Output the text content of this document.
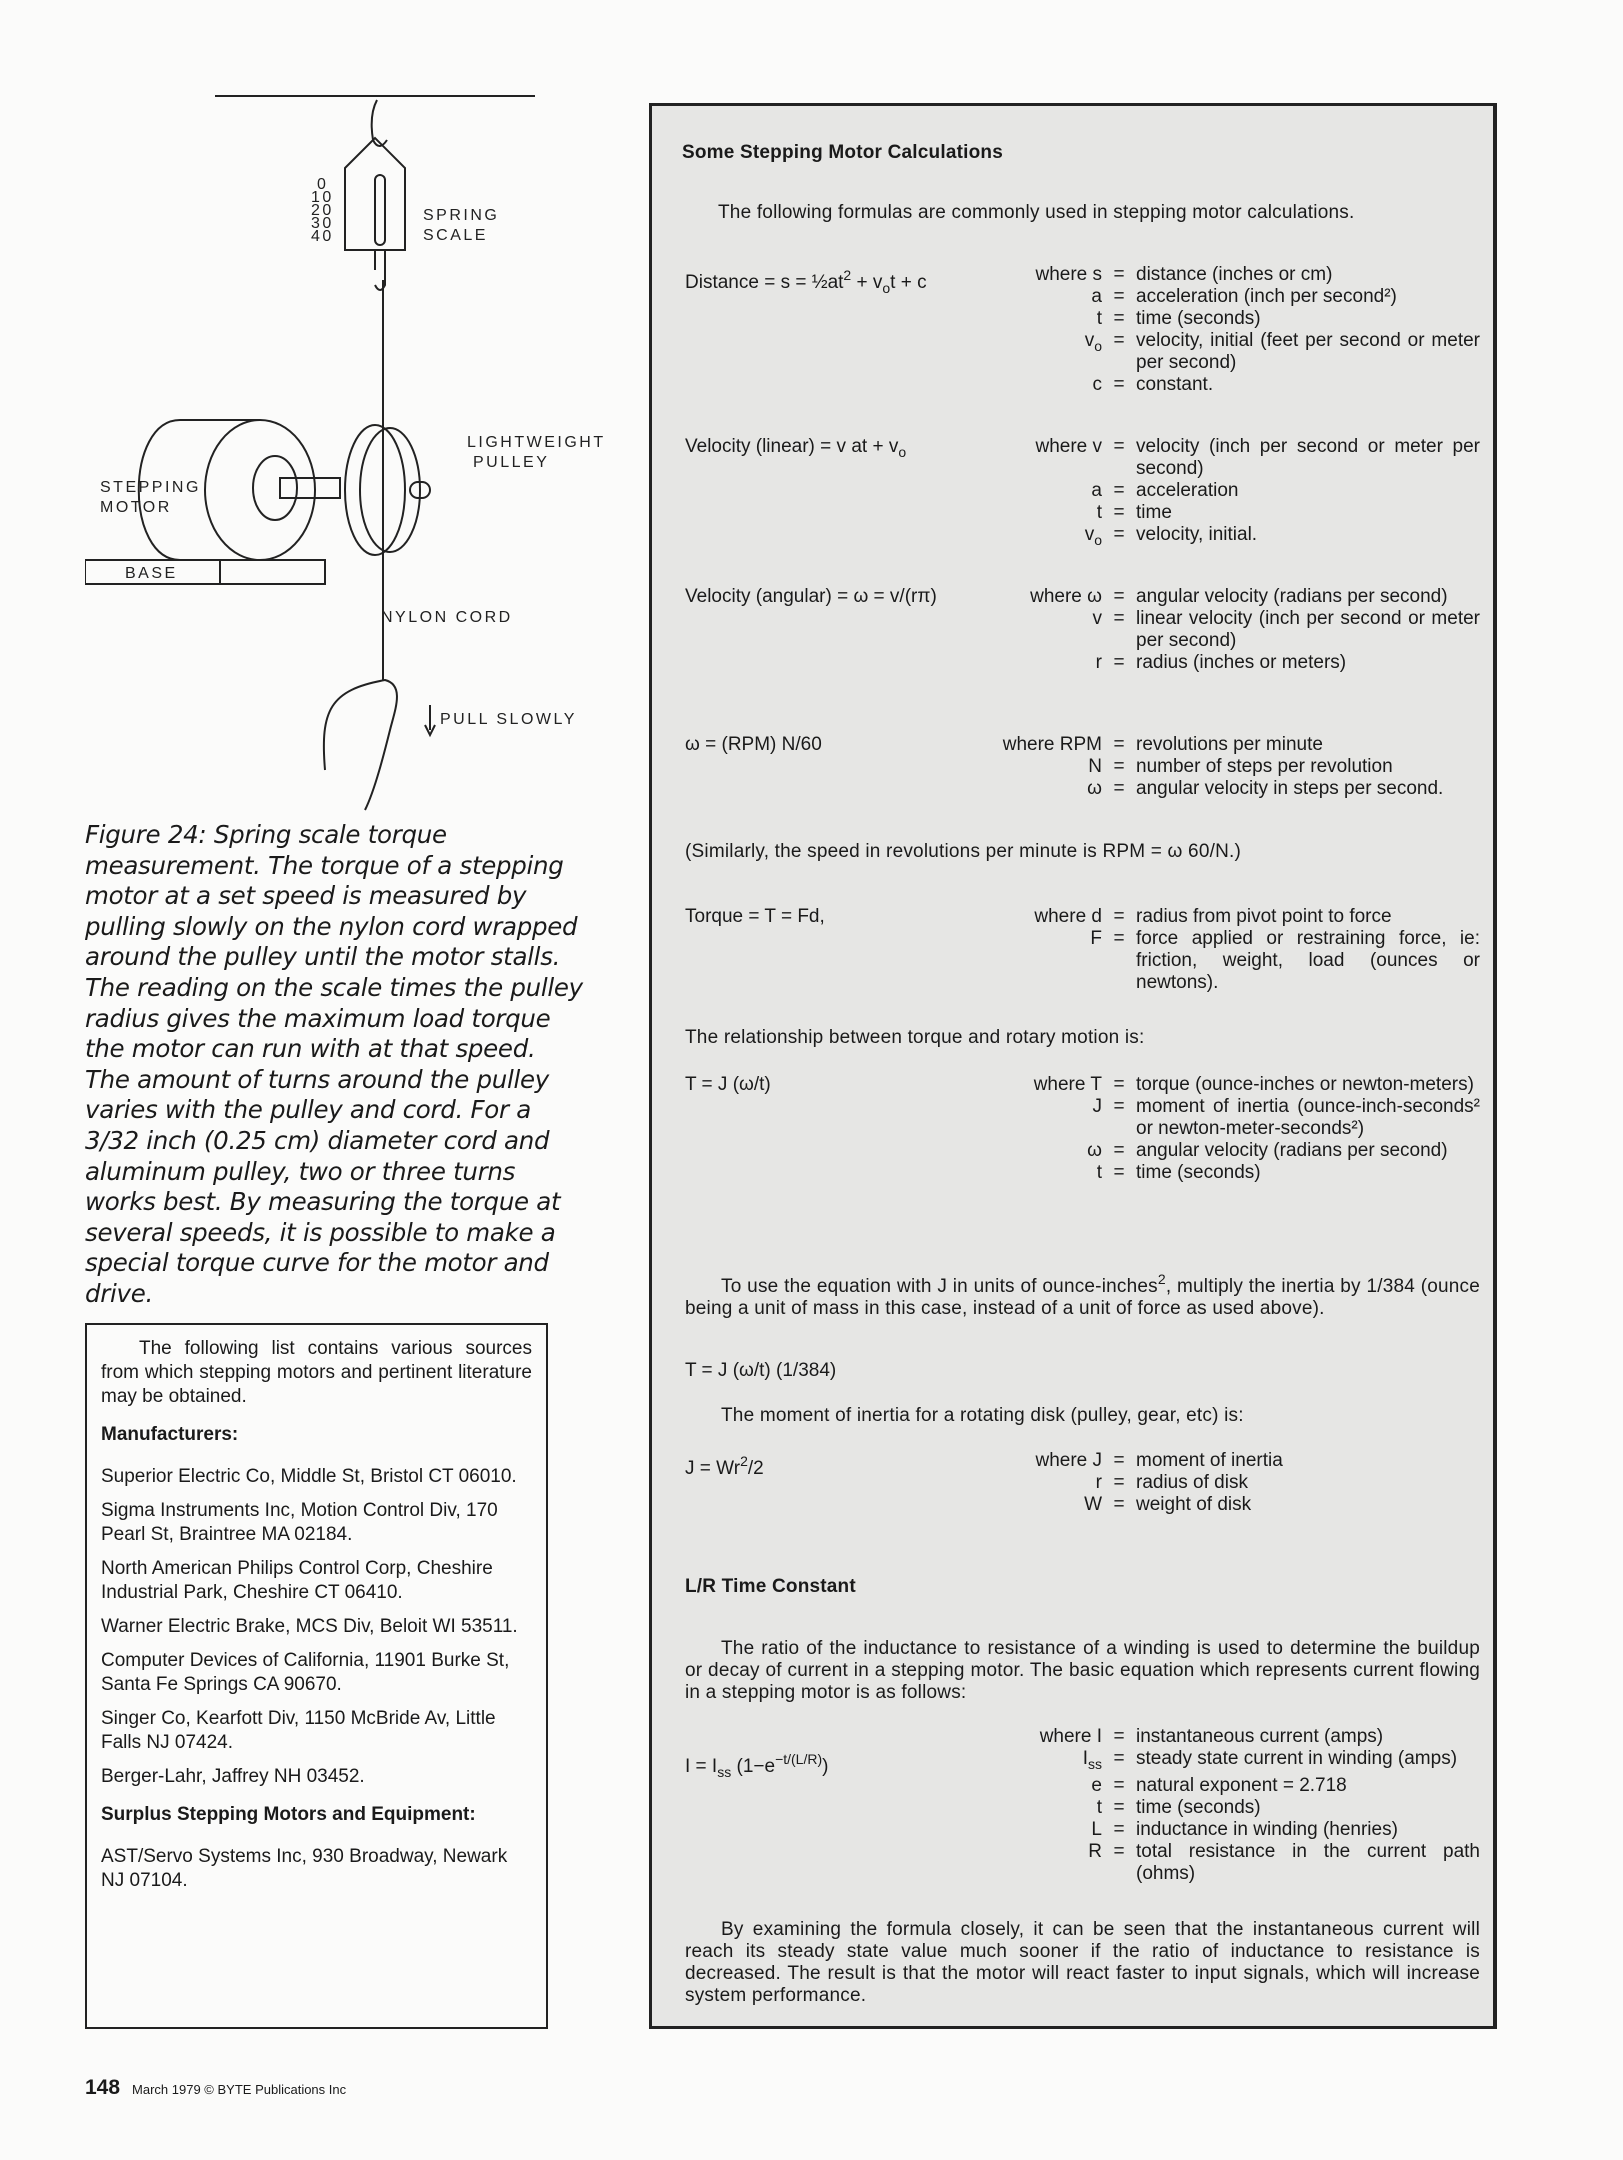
0
10
20
30
40
SPRING
SCALE
LIGHTWEIGHT
PULLEY
STEPPING
MOTOR
BASE
NYLON CORD
PULL SLOWLY
Figure 24: Spring scale torque measurement. The torque of a stepping motor at a set speed is measured by pulling slowly on the nylon cord wrapped around the pulley until the motor stalls. The reading on the scale times the pulley radius gives the maximum load torque the motor can run with at that speed. The amount of turns around the pulley varies with the pulley and cord. For a 3/32 inch (0.25 cm) diameter cord and aluminum pulley, two or three turns works best. By measuring the torque at several speeds, it is possible to make a special torque curve for the motor and drive.
The following list contains various sources from which stepping motors and pertinent literature may be obtained.
Manufacturers:
Superior Electric Co, Middle St, Bristol CT 06010.
Sigma Instruments Inc, Motion Control Div, 170 Pearl St, Braintree MA 02184.
North American Philips Control Corp, Cheshire Industrial Park, Cheshire CT 06410.
Warner Electric Brake, MCS Div, Beloit WI 53511.
Computer Devices of California, 11901 Burke St, Santa Fe Springs CA 90670.
Singer Co, Kearfott Div, 1150 McBride Av, Little Falls NJ 07424.
Berger-Lahr, Jaffrey NH 03452.
Surplus Stepping Motors and Equipment:
AST/Servo Systems Inc, 930 Broadway, Newark NJ 07104.
Some Stepping Motor Calculations
The following formulas are commonly used in stepping motor calculations.
(Similarly, the speed in revolutions per minute is RPM = ω 60/N.)
The relationship between torque and rotary motion is:
To use the equation with J in units of ounce-inches$^2$, multiply the inertia by 1/384 (ounce being a unit of mass in this case, instead of a unit of force as used above).
The moment of inertia for a rotating disk (pulley, gear, etc) is:
L/R Time Constant
The ratio of the inductance to resistance of a winding is used to determine the buildup or decay of current in a stepping motor. The basic equation which represents current flowing in a stepping motor is as follows:
By examining the formula closely, it can be seen that the instantaneous current will reach its steady state value much sooner if the ratio of inductance to resistance is decreased. The result is that the motor will react faster to input signals, which will increase system performance.
Distance = $s = \frac{1}{2}at^2 + v_ot + c$	where s = distance (inches or cm)
a = acceleration (inch per second²)
t = time (seconds)
$v_o$ = velocity, initial (feet per second or meter per second)
c = constant.
Velocity (linear) = v at + $v_o$	where v = velocity (inch per second or meter per second)
a = acceleration
t = time
$v_o$ = velocity, initial.
Velocity (angular) = ω = v/(rπ)	where ω = angular velocity (radians per second)
v = linear velocity (inch per second or meter per second)
r = radius (inches or meters)
ω = (RPM) N/60	where RPM = revolutions per minute
N = number of steps per revolution
ω = angular velocity in steps per second.
Torque = T = Fd,	where d = radius from pivot point to force
F = force applied or restraining force, ie: friction, weight, load (ounces or newtons).
T = J (ω/t)	where T = torque (ounce-inches or newton-meters)
J = moment of inertia (ounce-inch-seconds² or newton-meter-seconds²)
ω = angular velocity (radians per second)
t = time (seconds)
T = J (ω/t) (1/384)
$J = Wr^2/2$	where J = moment of inertia
r = radius of disk
W = weight of disk
$I = I_{ss}$ $(1-e^{-t/(L/R)})$
where I = instantaneous current (amps)
$I_{ss}$ = steady state current in winding (amps)
e = natural exponent = 2.718
t = time (seconds)
L = inductance in winding (henries)
R = total resistance in the current path (ohms)
148 March 1979 © BYTE Publications Inc
